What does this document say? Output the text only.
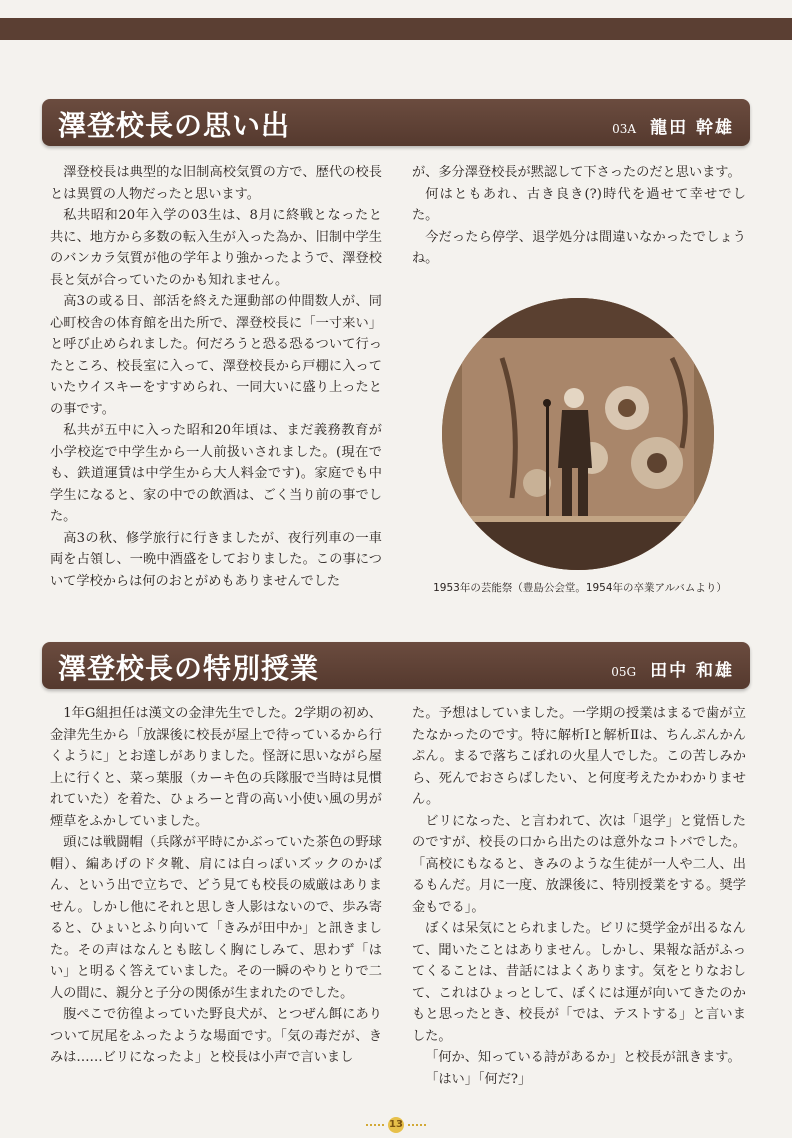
澤登校長の思い出	03A 龍田 幹雄

澤登校長は典型的な旧制高校気質の方で、歴代の校長とは異質の人物だったと思います。

私共昭和20年入学の03生は、8月に終戦となったと共に、地方から多数の転入生が入った為か、旧制中学生のバンカラ気質が他の学年より強かったようで、澤登校長と気が合っていたのかも知れません。

高3の或る日、部活を終えた運動部の仲間数人が、同心町校舎の体育館を出た所で、澤登校長に「一寸来い」と呼び止められました。何だろうと恐る恐るついて行ったところ、校長室に入って、澤登校長から戸棚に入っていたウイスキーをすすめられ、一同大いに盛り上ったとの事です。

私共が五中に入った昭和20年頃は、まだ義務教育が小学校迄で中学生から一人前扱いされました。(現在でも、鉄道運賃は中学生から大人料金です)。家庭でも中学生になると、家の中での飲酒は、ごく当り前の事でした。

高3の秋、修学旅行に行きましたが、夜行列車の一車両を占領し、一晩中酒盛をしておりました。この事について学校からは何のおとがめもありませんでした

が、多分澤登校長が黙認して下さったのだと思います。

何はともあれ、古き良き(?)時代を過せて幸せでした。

今だったら停学、退学処分は間違いなかったでしょうね。

1953年の芸能祭（豊島公会堂。1954年の卒業アルバムより）
澤登校長の特別授業	05G 田中 和雄

1年G組担任は漢文の金津先生でした。2学期の初め、金津先生から「放課後に校長が屋上で待っているから行くように」とお達しがありました。怪訝に思いながら屋上に行くと、菜っ葉服（カーキ色の兵隊服で当時は見慣れていた）を着た、ひょろーと背の高い小使い風の男が煙草をふかしていました。

頭には戦闘帽（兵隊が平時にかぶっていた茶色の野球帽）、編あげのドタ靴、肩には白っぽいズックのかばん、という出で立ちで、どう見ても校長の威厳はありません。しかし他にそれと思しき人影はないので、歩み寄ると、ひょいとふり向いて「きみが田中か」と訊きました。その声はなんとも眩しく胸にしみて、思わず「はい」と明るく答えていました。その一瞬のやりとりで二人の間に、親分と子分の関係が生まれたのでした。

腹ぺこで彷徨よっていた野良犬が、とつぜん餌にありついて尻尾をふったような場面です。「気の毒だが、きみは……ビリになったよ」と校長は小声で言いまし

た。予想はしていました。一学期の授業はまるで歯が立たなかったのです。特に解析Ⅰと解析Ⅱは、ちんぷんかんぷん。まるで落ちこぼれの火星人でした。この苦しみから、死んでおさらばしたい、と何度考えたかわかりません。

ビリになった、と言われて、次は「退学」と覚悟したのですが、校長の口から出たのは意外なコトバでした。「高校にもなると、きみのような生徒が一人や二人、出るもんだ。月に一度、放課後に、特別授業をする。奨学金もでる」。

ぼくは呆気にとられました。ビリに奨学金が出るなんて、聞いたことはありません。しかし、果報な話がふってくることは、昔話にはよくあります。気をとりなおして、これはひょっとして、ぼくには運が向いてきたのかもと思ったとき、校長が「では、テストする」と言いました。

「何か、知っている詩があるか」と校長が訊きます。

「はい」「何だ?」

13
